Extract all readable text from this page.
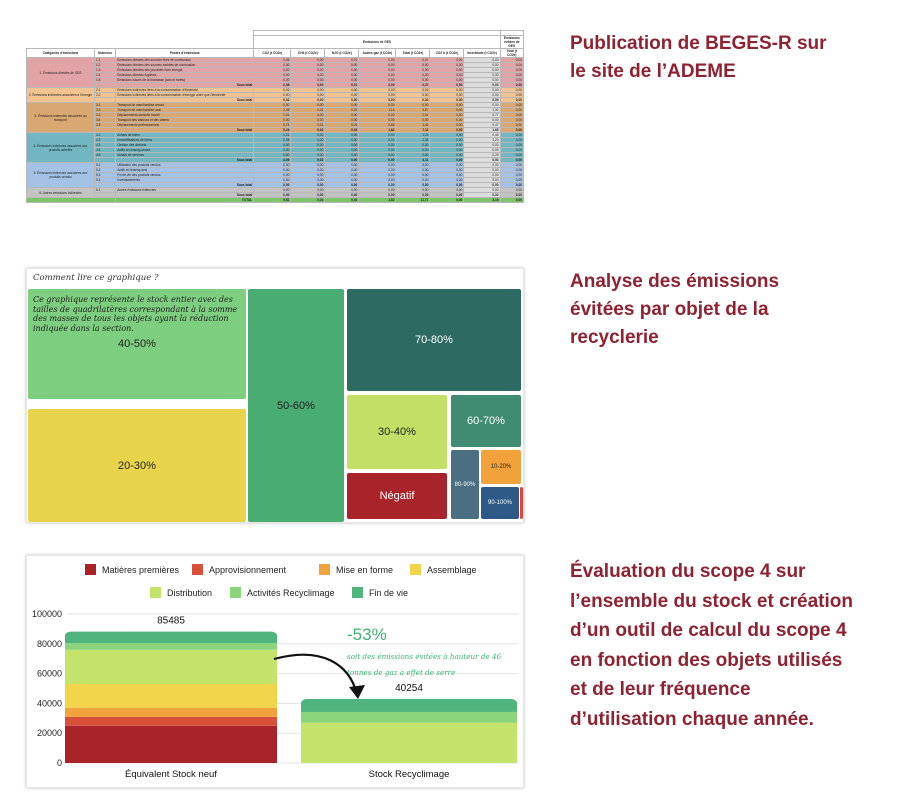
Publication de BEGES-R sur
le site de l’ADEME
Analyse des émissions
évitées par objet de la
recyclerie
Évaluation du scope 4 sur
l’ensemble du stock et création
d’un outil de calcul du scope 4
en fonction des objets utilisés
et de leur fréquence
d’utilisation chaque année.
			Valeurs calculées							
			Émissions de GES							Émissions évitées de GES
Catégories d'émissions	Numéros	Postes d'émissions	CO2 (t CO2e)	CH4 (t CO2e)	N2O (t CO2e)	Autres gaz (t CO2e)	Total (t CO2e)	CO2 b (t CO2e)	Incertitude (t CO2e)	Total (t CO2e)
1. Émissions directes de GES	1.1	Émissions directes des sources fixes de combustion	0,46	0,00	0,01	0,00	0,47	0,00	0,03	0,00
	1.2	Émissions directes des sources mobiles de combustion	0,00	0,00	0,00	0,00	0,00	0,00	0,00	0,00
	1.3	Émissions directes des procédés hors énergie	0,00	0,00	0,00	0,00	0,00	0,00	0,00	0,00
	1.4	Émissions directes fugitives	0,00	0,00	0,00	0,00	0,00	0,00	0,00	0,00
	1.5	Émissions issues de la biomasse (sols et forêts)	0,00	0,00	0,00	0,00	0,00	0,00	0,00	0,00
		Sous total	0,46	0,00	0,01	0,00	0,47	0,00	0,03	0,00
2. Émissions indirectes associées à l'énergie	2.1	Émissions indirectes liées à la consommation d'électricité	0,02	0,00	0,00	0,00	0,02	0,00	0,00	0,00
	2.2	Émissions indirectes liées à la consommation d'énergie autre que l'électricité	0,00	0,00	0,00	0,00	0,00	0,00	0,00	0,00
		Sous total	0,02	0,00	0,00	0,00	0,02	0,00	0,00	0,00
3. Émissions indirectes associées au transport	3.1	Transport de marchandise amont	0,00	0,00	0,00	0,00	0,00	0,00	0,00	0,00
	3.2	Transport de marchandise aval	2,49	0,01	0,02	1,16	3,67	0,00	1,32	0,00
	3.3	Déplacements domicile travail	2,01	0,00	0,00	0,00	2,01	0,00	0,77	0,00
	3.4	Transport des visiteurs et des clients	0,00	0,00	0,00	0,00	0,00	0,00	0,00	0,00
	3.5	Déplacements professionnels	0,74	0,01	0,01	0,66	1,42	0,00	0,47	0,00
		Sous total	5,24	0,02	0,03	1,82	7,11	0,00	1,65	0,00
4. Émissions indirectes associées aux produits achetés	4.1	Achats de biens	1,21	0,02	0,00	0,00	1,23	0,00	0,44	0,00
	4.2	Immobilisations de biens	2,08	0,00	0,00	0,00	2,08	0,00	1,20	0,00
	4.3	Gestion des déchets	0,00	0,00	0,00	0,00	0,00	0,00	0,00	0,00
	4.4	Actifs en leasing amont	0,00	0,00	0,00	0,00	0,00	0,00	0,00	0,00
	4.5	Achats de services	0,80	0,00	0,00	0,00	0,80	0,00	0,29	0,00
		Sous total	4,09	0,02	0,00	0,00	4,11	0,00	0,93	0,00
5. Émissions indirectes associées aux produits vendus	5.1	Utilisation des produits vendus	0,00	0,00	0,00	0,00	0,00	0,00	0,00	0,00
	5.2	Actifs en leasing aval	0,00	0,00	0,00	0,00	0,00	0,00	0,00	0,00
	5.3	Fin de vie des produits vendus	0,00	0,00	0,00	0,00	0,00	0,00	0,00	0,00
	5.4	Investissements	0,00	0,00	0,00	0,00	0,00	0,00	0,00	0,00
		Sous total	0,00	0,00	0,00	0,00	0,00	0,00	0,00	0,00
6. Autres émissions indirectes	6.1	Autres émissions indirectes	0,00	0,00	0,00	0,00	0,00	0,00	0,00	0,00
		Sous total	0,00	0,00	0,00	0,00	0,00	0,00	0,00	0,00
		TOTAL	9,81	0,04	0,04	1,82	11,71	0,00	3,16	0,00
Comment lire ce graphique ?
40-50%
20-30%
50-60%
70-80%
30-40%
Négatif
60-70%
80-90%
10-20%
90-100%
Ce graphique représente le stock entier avec des tailles de quadrilatères correspondant à la somme des masses de tous les objets ayant la réduction indiquée dans la section.
Matières premières	Approvisionnement	Mise en forme	Assemblage
Distribution	Activités Recyclimage	Fin de vie
0
20000
40000
60000
80000
100000
85485
Équivalent Stock neuf
40254
Stock Recyclimage
-53%
soit des émissions évitées à hauteur de 46
tonnes de gaz à effet de serre
